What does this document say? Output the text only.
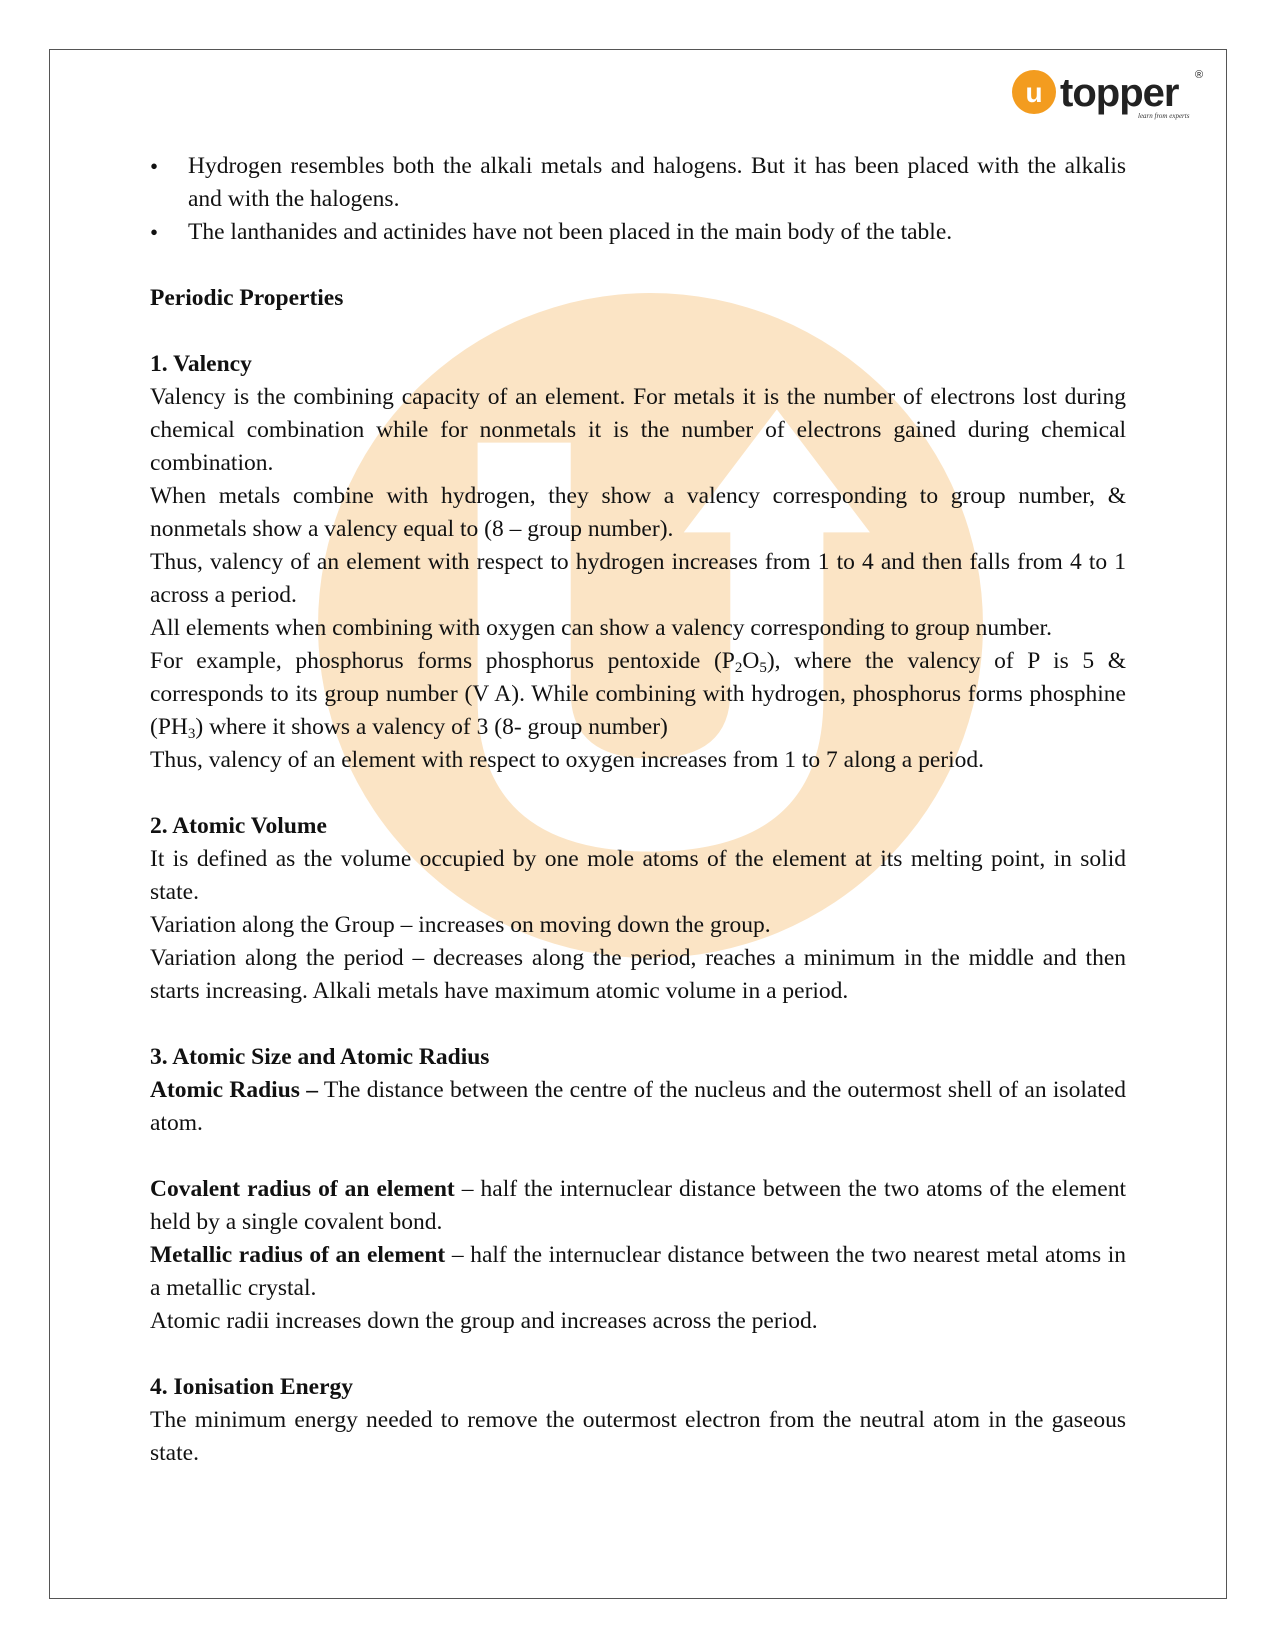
u topper ®
learn from experts
• Hydrogen resembles both the alkali metals and halogens. But it has been placed with the alkalis and with the halogens.
• The lanthanides and actinides have not been placed in the main body of the table.

Periodic Properties

1. Valency

Valency is the combining capacity of an element. For metals it is the number of electrons lost during chemical combination while for nonmetals it is the number of electrons gained during chemical combination.

When metals combine with hydrogen, they show a valency corresponding to group number, & nonmetals show a valency equal to (8 – group number).

Thus, valency of an element with respect to hydrogen increases from 1 to 4 and then falls from 4 to 1 across a period.

All elements when combining with oxygen can show a valency corresponding to group number.

For example, phosphorus forms phosphorus pentoxide $(P_2O_5)$, where the valency of P is 5 & corresponds to its group number (V A). While combining with hydrogen, phosphorus forms phosphine $(PH_3)$ where it shows a valency of 3 (8- group number)

Thus, valency of an element with respect to oxygen increases from 1 to 7 along a period.

2. Atomic Volume

It is defined as the volume occupied by one mole atoms of the element at its melting point, in solid state.

Variation along the Group – increases on moving down the group.

Variation along the period – decreases along the period, reaches a minimum in the middle and then starts increasing. Alkali metals have maximum atomic volume in a period.

3. Atomic Size and Atomic Radius

Atomic Radius – The distance between the centre of the nucleus and the outermost shell of an isolated atom.

Covalent radius of an element – half the internuclear distance between the two atoms of the element held by a single covalent bond.

Metallic radius of an element – half the internuclear distance between the two nearest metal atoms in a metallic crystal.

Atomic radii increases down the group and increases across the period.

4. Ionisation Energy

The minimum energy needed to remove the outermost electron from the neutral atom in the gaseous state.
